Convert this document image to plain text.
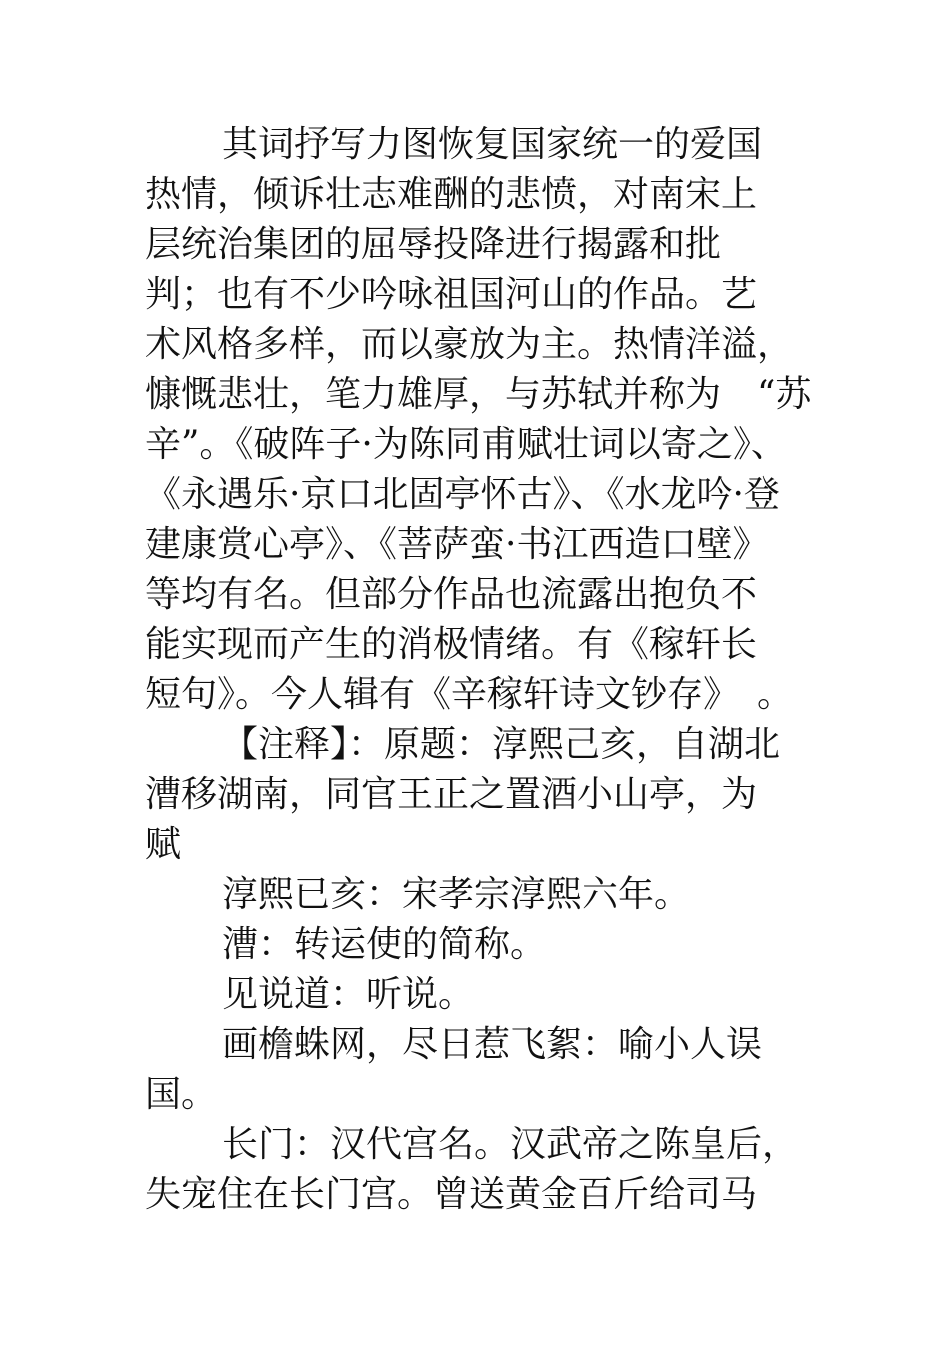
其词抒写力图恢复国家统一的爱国
热情，倾诉壮志难酬的悲愤，对南宋上
层统治集团的屈辱投降进行揭露和批
判；也有不少吟咏祖国河山的作品。艺
术风格多样，而以豪放为主。热情洋溢，
慷慨悲壮，笔力雄厚，与苏轼并称为　“苏
辛”。《破阵子·为陈同甫赋壮词以寄之》、
《永遇乐·京口北固亭怀古》、《水龙吟·登
建康赏心亭》、《菩萨蛮·书江西造口壁》
等均有名。但部分作品也流露出抱负不
能实现而产生的消极情绪。有《稼轩长
短句》。今人辑有《辛稼轩诗文钞存》　。
【注释】：原题：淳熙己亥，自湖北
漕移湖南，同官王正之置酒小山亭，为
赋
淳熙已亥：宋孝宗淳熙六年。
漕：转运使的简称。
见说道：听说。
画檐蛛网，尽日惹飞絮：喻小人误
国。
长门：汉代宫名。汉武帝之陈皇后，
失宠住在长门宫。曾送黄金百斤给司马
